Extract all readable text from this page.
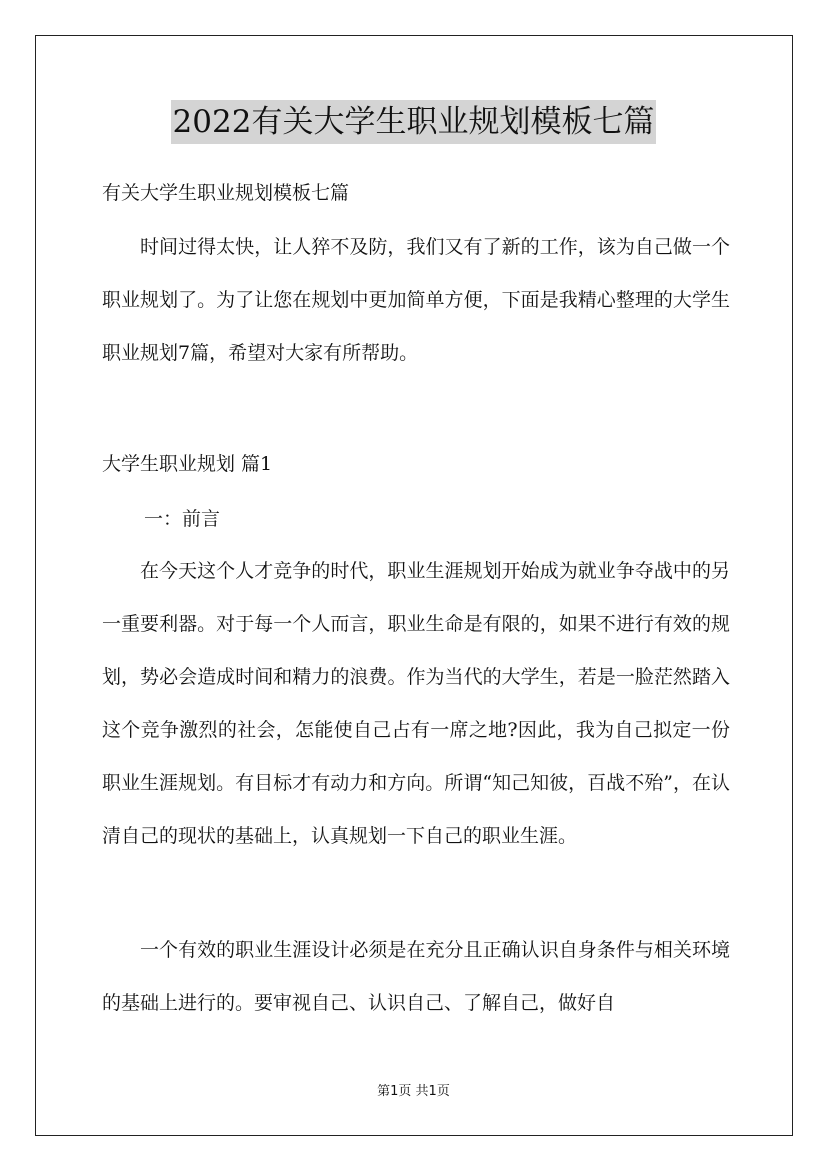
2022有关大学生职业规划模板七篇

有关大学生职业规划模板七篇

时间过得太快，让人猝不及防，我们又有了新的工作，该为自己做一个职业规划了。为了让您在规划中更加简单方便，下面是我精心整理的大学生职业规划7篇，希望对大家有所帮助。

大学生职业规划 篇1

一：前言

在今天这个人才竞争的时代，职业生涯规划开始成为就业争夺战中的另一重要利器。对于每一个人而言，职业生命是有限的，如果不进行有效的规划，势必会造成时间和精力的浪费。作为当代的大学生，若是一脸茫然踏入这个竞争激烈的社会，怎能使自己占有一席之地?因此，我为自己拟定一份职业生涯规划。有目标才有动力和方向。所谓“知己知彼，百战不殆”，在认清自己的现状的基础上，认真规划一下自己的职业生涯。

一个有效的职业生涯设计必须是在充分且正确认识自身条件与相关环境的基础上进行的。要审视自己、认识自己、了解自己，做好自

第1页 共1页
